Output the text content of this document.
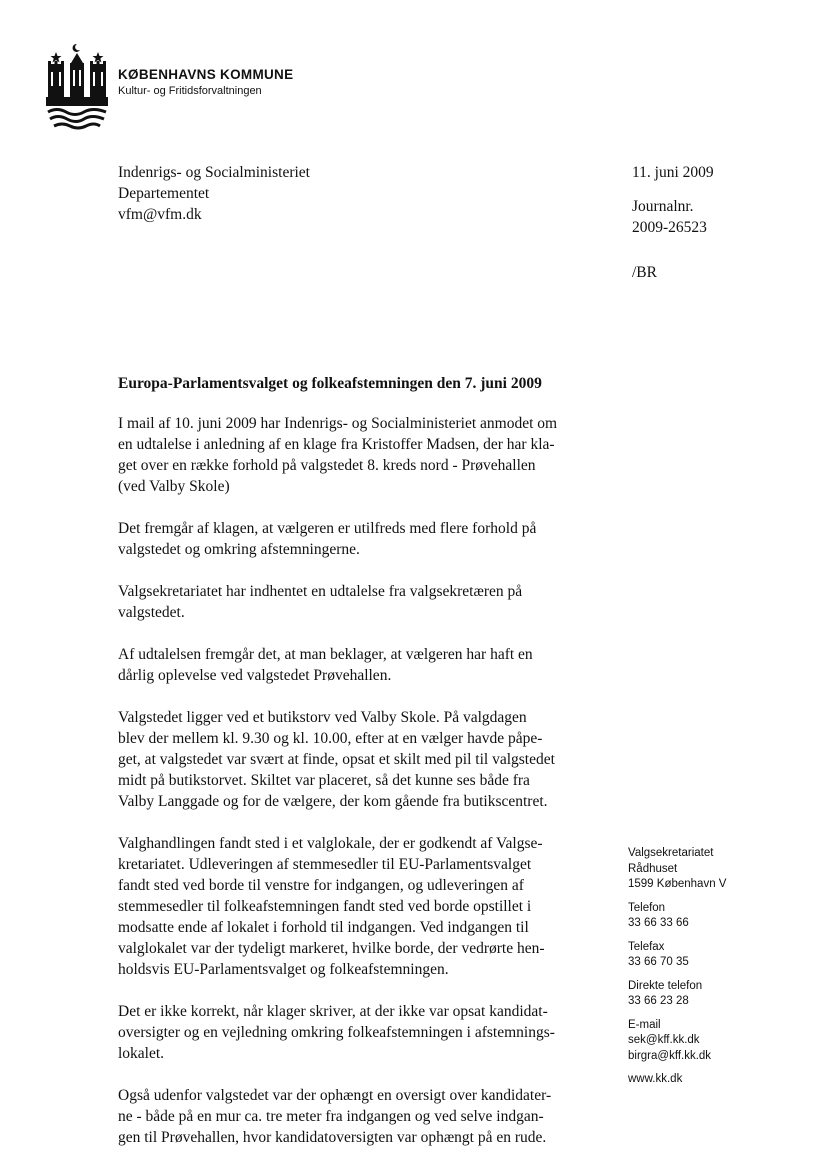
KØBENHAVNS KOMMUNE
Kultur- og Fritidsforvaltningen
Indenrigs- og Socialministeriet
Departementet
vfm@vfm.dk
11. juni 2009
Journalnr.
2009-26523
/BR
Europa-Parlamentsvalget og folkeafstemningen den 7. juni 2009

I mail af 10. juni 2009 har Indenrigs- og Socialministeriet anmodet om
en udtalelse i anledning af en klage fra Kristoffer Madsen, der har kla-
get over en række forhold på valgstedet 8. kreds nord - Prøvehallen
(ved Valby Skole)

Det fremgår af klagen, at vælgeren er utilfreds med flere forhold på
valgstedet og omkring afstemningerne.

Valgsekretariatet har indhentet en udtalelse fra valgsekretæren på
valgstedet.

Af udtalelsen fremgår det, at man beklager, at vælgeren har haft en
dårlig oplevelse ved valgstedet Prøvehallen.

Valgstedet ligger ved et butikstorv ved Valby Skole. På valgdagen
blev der mellem kl. 9.30 og kl. 10.00, efter at en vælger havde påpe-
get, at valgstedet var svært at finde, opsat et skilt med pil til valgstedet
midt på butikstorvet. Skiltet var placeret, så det kunne ses både fra
Valby Langgade og for de vælgere, der kom gående fra butikscentret.

Valghandlingen fandt sted i et valglokale, der er godkendt af Valgse-
kretariatet. Udleveringen af stemmesedler til EU-Parlamentsvalget
fandt sted ved borde til venstre for indgangen, og udleveringen af
stemmesedler til folkeafstemningen fandt sted ved borde opstillet i
modsatte ende af lokalet i forhold til indgangen. Ved indgangen til
valglokalet var der tydeligt markeret, hvilke borde, der vedrørte hen-
holdsvis EU-Parlamentsvalget og folkeafstemningen.

Det er ikke korrekt, når klager skriver, at der ikke var opsat kandidat-
oversigter og en vejledning omkring folkeafstemningen i afstemnings-
lokalet.

Også udenfor valgstedet var der ophængt en oversigt over kandidater-
ne - både på en mur ca. tre meter fra indgangen og ved selve indgan-
gen til Prøvehallen, hvor kandidatoversigten var ophængt på en rude.

Valgsekretariatet
Rådhuset
1599 København V
Telefon
33 66 33 66
Telefax
33 66 70 35
Direkte telefon
33 66 23 28
E-mail
sek@kff.kk.dk
birgra@kff.kk.dk
www.kk.dk
